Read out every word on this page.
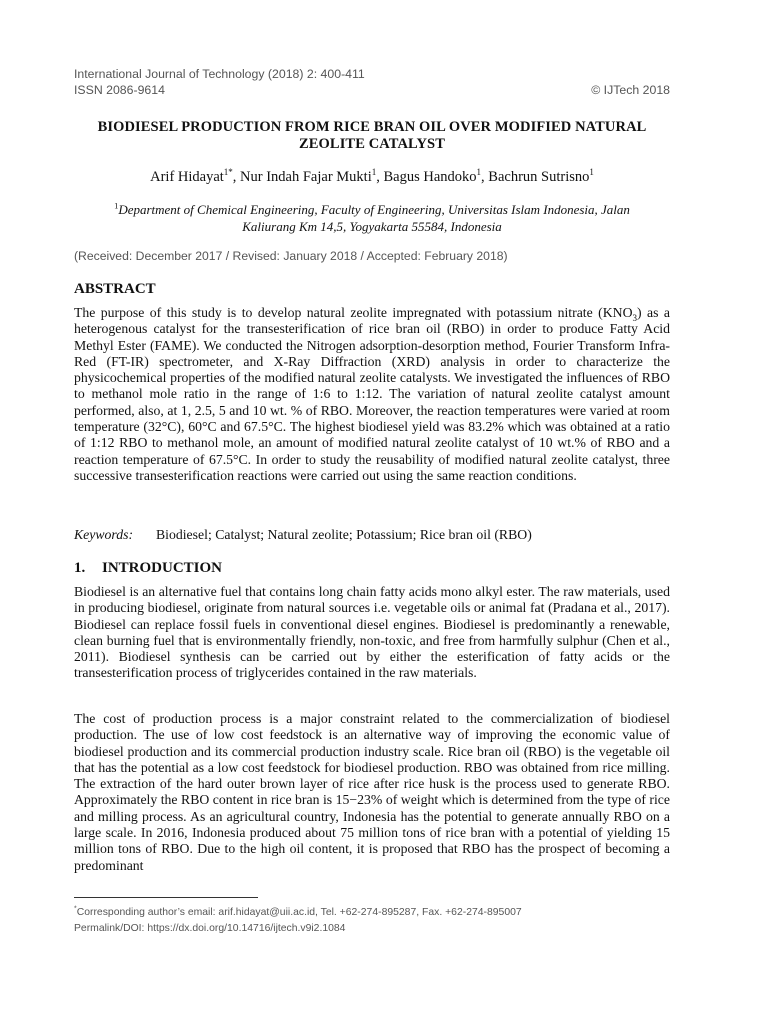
International Journal of Technology (2018) 2: 400-411
ISSN 2086-9614	© IJTech 2018
BIODIESEL PRODUCTION FROM RICE BRAN OIL OVER MODIFIED NATURAL
ZEOLITE CATALYST
Arif Hidayat$^{1*}$, Nur Indah Fajar Mukti$^1$, Bagus Handoko$^1$, Bachrun Sutrisno$^1$
$^1$Department of Chemical Engineering, Faculty of Engineering, Universitas Islam Indonesia, Jalan
Kaliurang Km 14,5, Yogyakarta 55584, Indonesia
(Received: December 2017 / Revised: January 2018 / Accepted: February 2018)
ABSTRACT
The purpose of this study is to develop natural zeolite impregnated with potassium nitrate $(KNO_3)$ as a heterogenous catalyst for the transesterification of rice bran oil (RBO) in order to produce Fatty Acid Methyl Ester (FAME). We conducted the Nitrogen adsorption-desorption method, Fourier Transform Infra-Red (FT-IR) spectrometer, and X-Ray Diffraction (XRD) analysis in order to characterize the physicochemical properties of the modified natural zeolite catalysts. We investigated the influences of RBO to methanol mole ratio in the range of 1:6 to 1:12. The variation of natural zeolite catalyst amount performed, also, at 1, 2.5, 5 and 10 wt. % of RBO. Moreover, the reaction temperatures were varied at room temperature (32°C), 60°C and 67.5°C. The highest biodiesel yield was 83.2% which was obtained at a ratio of 1:12 RBO to methanol mole, an amount of modified natural zeolite catalyst of 10 wt.% of RBO and a reaction temperature of 67.5°C. In order to study the reusability of modified natural zeolite catalyst, three successive transesterification reactions were carried out using the same reaction conditions.
Keywords: Biodiesel; Catalyst; Natural zeolite; Potassium; Rice bran oil (RBO)
1. INTRODUCTION
Biodiesel is an alternative fuel that contains long chain fatty acids mono alkyl ester. The raw materials, used in producing biodiesel, originate from natural sources i.e. vegetable oils or animal fat (Pradana et al., 2017). Biodiesel can replace fossil fuels in conventional diesel engines. Biodiesel is predominantly a renewable, clean burning fuel that is environmentally friendly, non-toxic, and free from harmfully sulphur (Chen et al., 2011). Biodiesel synthesis can be carried out by either the esterification of fatty acids or the transesterification process of triglycerides contained in the raw materials.
The cost of production process is a major constraint related to the commercialization of biodiesel production. The use of low cost feedstock is an alternative way of improving the economic value of biodiesel production and its commercial production industry scale. Rice bran oil (RBO) is the vegetable oil that has the potential as a low cost feedstock for biodiesel production. RBO was obtained from rice milling. The extraction of the hard outer brown layer of rice after rice husk is the process used to generate RBO. Approximately the RBO content in rice bran is 15−23% of weight which is determined from the type of rice and milling process. As an agricultural country, Indonesia has the potential to generate annually RBO on a large scale. In 2016, Indonesia produced about 75 million tons of rice bran with a potential of yielding 15 million tons of RBO. Due to the high oil content, it is proposed that RBO has the prospect of becoming a predominant
*Corresponding author’s email: arif.hidayat@uii.ac.id, Tel. +62-274-895287, Fax. +62-274-895007
Permalink/DOI: https://dx.doi.org/10.14716/ijtech.v9i2.1084
